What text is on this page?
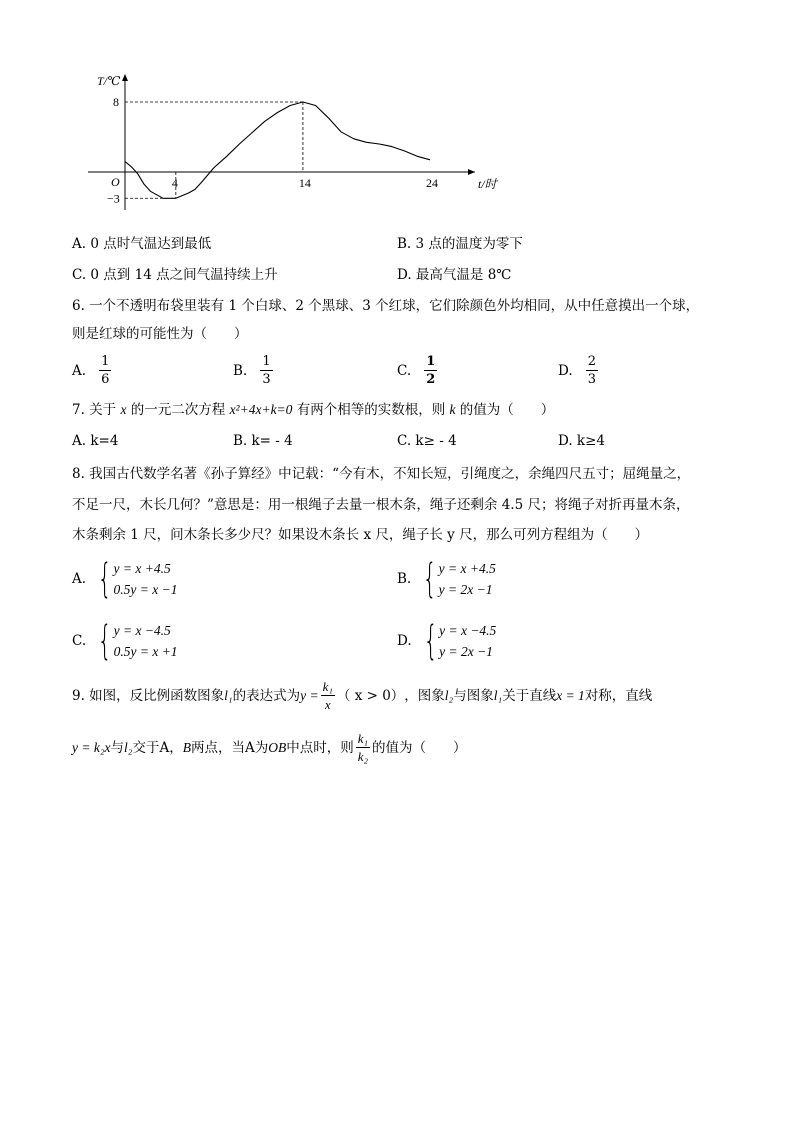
T/℃
t/时
O	4	14	24
8
−3
A. 0 点时气温达到最低	B. 3 点的温度为零下
C. 0 点到 14 点之间气温持续上升	D. 最高气温是 8℃
6. 一个不透明布袋里装有 1 个白球、2 个黑球、3 个红球，它们除颜色外均相同，从中任意摸出一个球，
则是红球的可能性为（　　）
A. $\frac{1}{6}$	B. $\frac{1}{3}$	C. $\frac{1}{2}$	D. $\frac{2}{3}$
7. 关于 x 的一元二次方程 x²+4x+k=0 有两个相等的实数根，则 k 的值为（　　）
A. k=4	B. k= - 4	C. k≥ - 4	D. k≥4
8. 我国古代数学名著《孙子算经》中记载：“今有木，不知长短，引绳度之，余绳四尺五寸；屈绳量之，
不足一尺，木长几何？”意思是：用一根绳子去量一根木条，绳子还剩余 4.5 尺；将绳子对折再量木条，
木条剩余 1 尺，问木条长多少尺？如果设木条长 x 尺，绳子长 y 尺，那么可列方程组为（　　）
A. { y = x +4.5
0.5y = x −1
B. { y = x +4.5
y = 2x −1
C. { y = x −4.5
0.5y = x +1
D. { y = x −4.5
y = 2x −1
9. 如图，反比例函数图象 l₁ 的表达式为 $y = \frac{\text{k₁}}{x}$ （ x > 0） ，图象 l₂ 与图象 l₁ 关于直线 x = 1 对称，直线
y = k₂x 与 l₂ 交于 A ， B 两点，当 A 为 OB 中点时，则 $\frac{\text{k₁}}{\text{k₂}}$ 的值为（　　）
